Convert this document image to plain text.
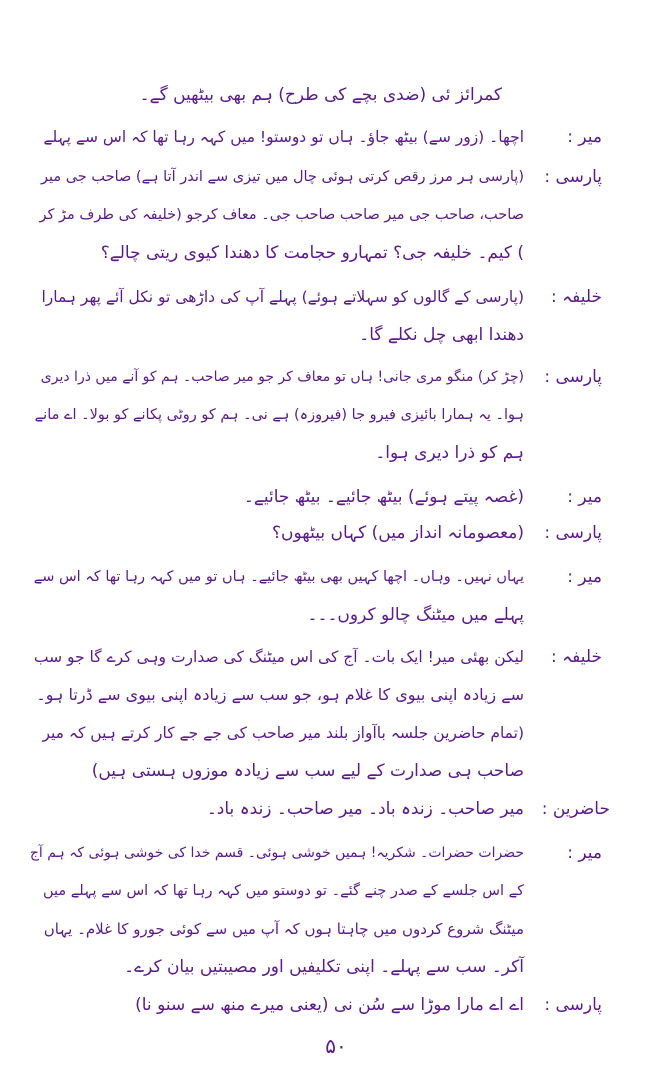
کمرائز ئی (ضدی بچے کی طرح) ہم بھی بیٹھیں گے۔
میر :
اچھا۔ (زور سے) بیٹھ جاؤ۔ ہاں تو دوستو! میں کہہ رہا تھا کہ اس سے پہلے
پارسی :
(پارسی ہر مرز رقص کرتی ہوئی چال میں تیزی سے اندر آتا ہے) صاحب جی میر
صاحب، صاحب جی میر صاحب صاحب جی۔ معاف کرجو (خلیفہ کی طرف مڑ کر
) کیم۔ خلیفہ جی؟ تمہارو حجامت کا دھندا کیوی ریتی چالے؟
خلیفہ :
(پارسی کے گالوں کو سہلاتے ہوئے) پہلے آپ کی داڑھی تو نکل آئے پھر ہمارا
دھندا ابھی چل نکلے گا۔
پارسی :
(چڑ کر) منگو مری جانی! ہاں تو معاف کر جو میر صاحب۔ ہم کو آنے میں ذرا دیری
ہوا۔ یہ ہمارا بائیزی فیرو جا (فیروزہ) ہے نی۔ ہم کو روٹی پکانے کو بولا۔ اے مانے
ہم کو ذرا دیری ہوا۔
میر :
(غصہ پیتے ہوئے) بیٹھ جائیے۔ بیٹھ جائیے۔
پارسی :
(معصومانہ انداز میں) کہاں بیٹھوں؟
میر :
یہاں نہیں۔ وہاں۔ اچھا کہیں بھی بیٹھ جائیے۔ ہاں تو میں کہہ رہا تھا کہ اس سے
پہلے میں میٹنگ چالو کروں۔۔۔
خلیفہ :
لیکن بھئی میر! ایک بات۔ آج کی اس میٹنگ کی صدارت وہی کرے گا جو سب
سے زیادہ اپنی بیوی کا غلام ہو، جو سب سے زیادہ اپنی بیوی سے ڈرتا ہو۔
(تمام حاضرین جلسہ باآواز بلند میر صاحب کی جے جے کار کرتے ہیں کہ میر
صاحب ہی صدارت کے لیے سب سے زیادہ موزوں ہستی ہیں)
حاضرین :
میر صاحب۔ زندہ باد۔ میر صاحب۔ زندہ باد۔
میر :
حضرات حضرات۔ شکریہ! ہمیں خوشی ہوئی۔ قسم خدا کی خوشی ہوئی کہ ہم آج
کے اس جلسے کے صدر چنے گئے۔ تو دوستو میں کہہ رہا تھا کہ اس سے پہلے میں
میٹنگ شروع کردوں میں چاہتا ہوں کہ آپ میں سے کوئی جورو کا غلام۔ یہاں
آکر۔ سب سے پہلے۔ اپنی تکلیفیں اور مصیبتیں بیان کرے۔
پارسی :
اے اے مارا موڑا سے سُن نی (یعنی میرے منھ سے سنو نا)
۵۰
